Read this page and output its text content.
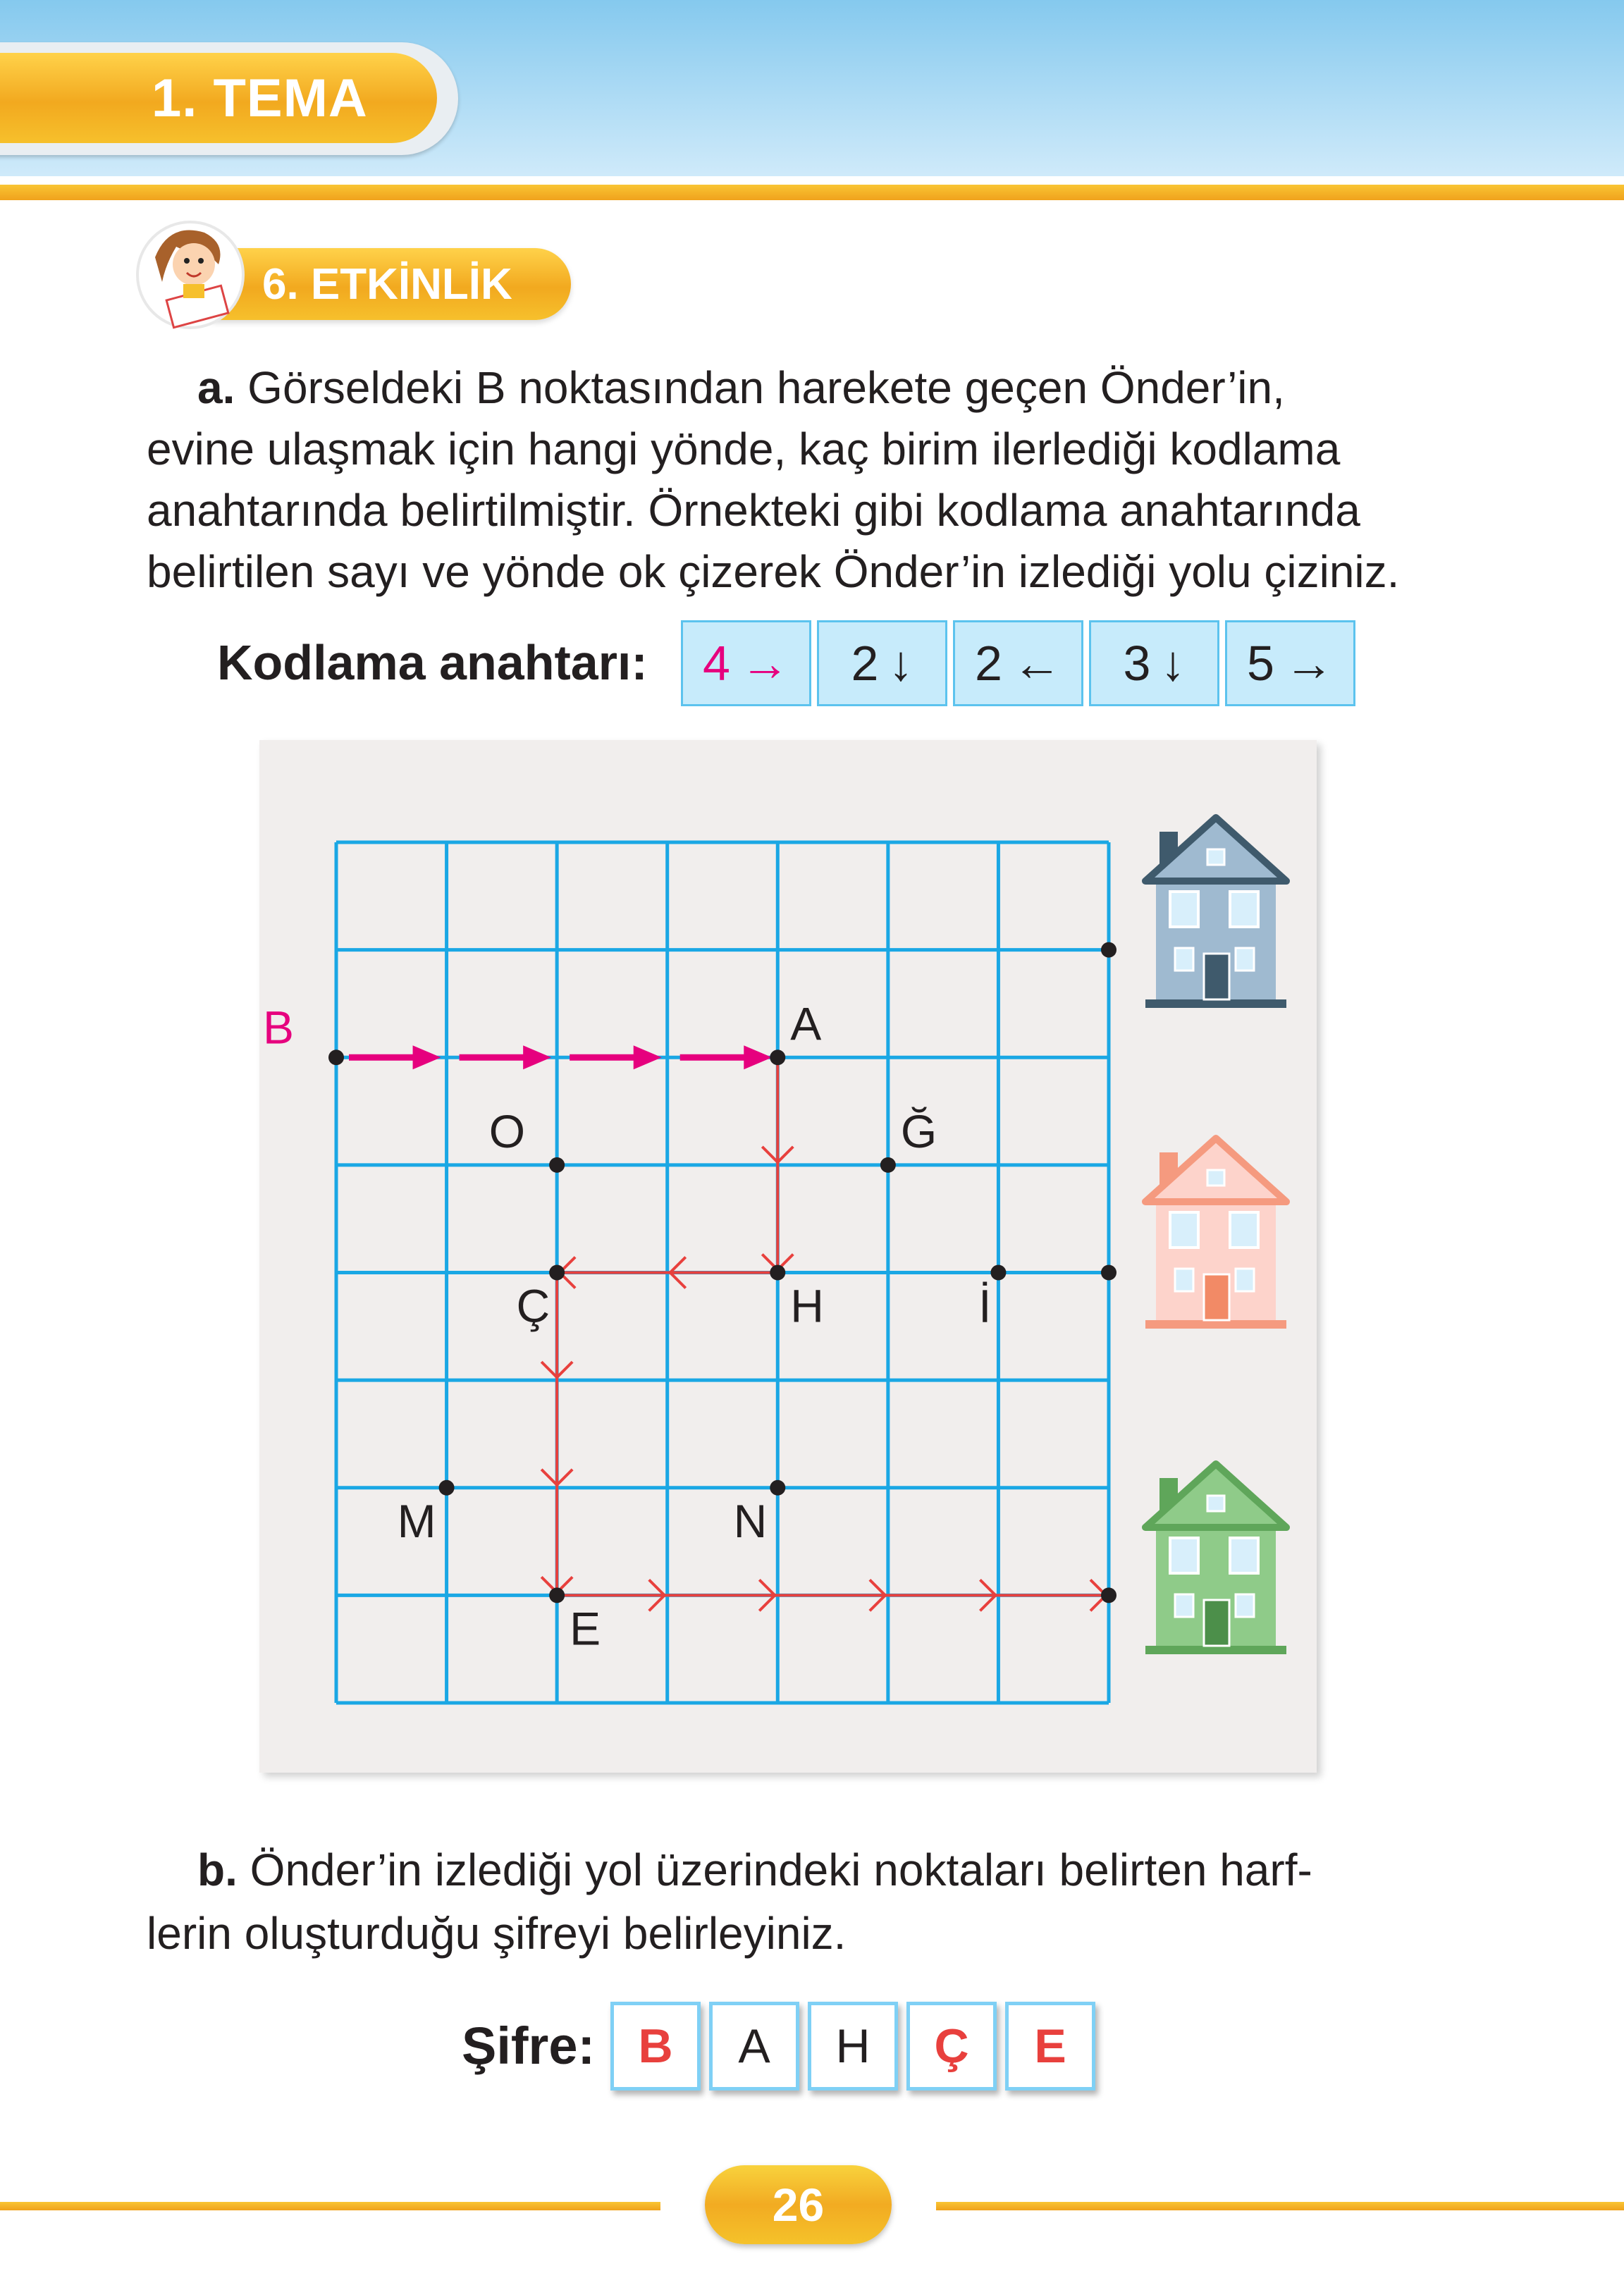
1. TEMA
6. ETKİNLİK
a. Görseldeki B noktasından harekete geçen Önder’in,
evine ulaşmak için hangi yönde, kaç birim ilerlediği kodlama
anahtarında belirtilmiştir. Örnekteki gibi kodlama anahtarında
belirtilen sayı ve yönde ok çizerek Önder’in izlediği yolu çiziniz.
Kodlama anahtarı: 4 → 2 ↓ 2 ← 3 ↓ 5 →
B	A
O	Ğ
Ç	H	İ
M	N
E
b. Önder’in izlediği yol üzerindeki noktaları belirten harf-
lerin oluşturduğu şifreyi belirleyiniz.
Şifre: B A H Ç E
26
